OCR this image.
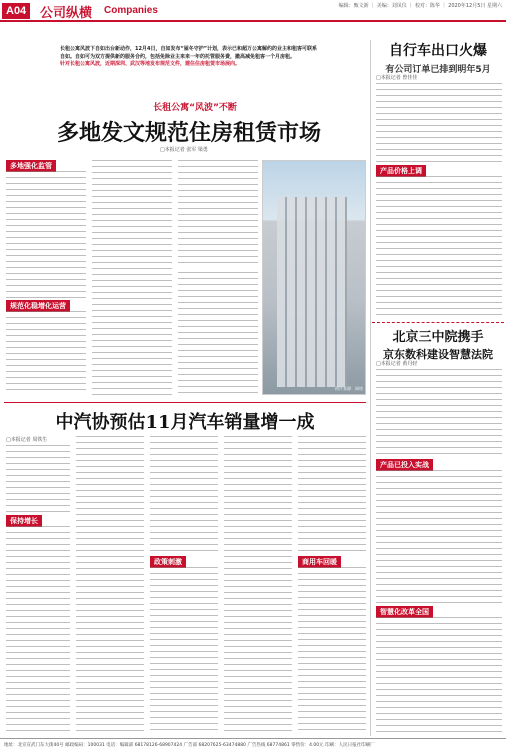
A04	公司纵横 Companies	编辑：甄文新 ｜ 美编：刘凤仪 ｜ 校对：陈华 ｜ 2020年12月5日 星期六
长租公寓风波下自如出台新动作，12月4日，自如发布“屋冬守护”计划，表示已和超万公寓解约的业主和租客可联系自如。自如可为双方提供新的服务合约，包括免除业主来来一年的托管服务费，撤高减免租客一个月房租。
针对长租公寓风波，近期深圳、武汉等地发布规范文件，建住住房租赁市场展向。
长租公寓“风波”不断
多地发文规范住房租赁市场
□本报记者 张军 梁勇
多地强化监管
规范化稳增化运营
图片来源：网络
自行车出口火爆
有公司订单已排到明年5月
□本报记者 曾佳佳
产品价格上调
北京三中院携手
京东数科建设智慧法院
□本报记者 黄丹轻
产品已投入实战
智慧化改革全国
中汽协预估11月汽车销量增一成
□本报记者 周铁生
保持增长
政策刺激	商用车回暖
地址：北京宣武门东大街40号 邮政编码：100031 电话：编辑部 68178126-68907424 广告部 68207625-63474880 广告热线 68774861 零售价：4.00元 印刷：人民日报社印刷厂
